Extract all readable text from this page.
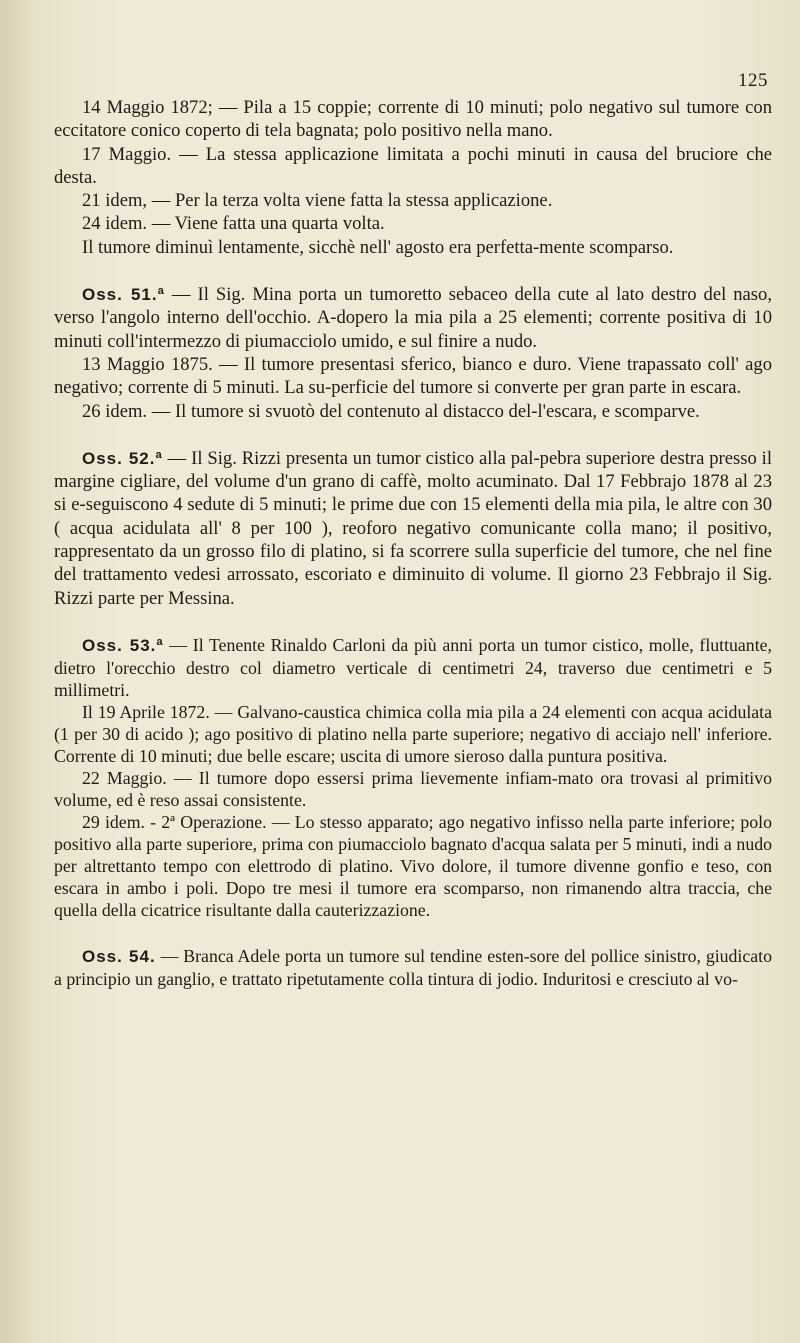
125

14 Maggio 1872; — Pila a 15 coppie; corrente di 10 minuti; polo negativo sul tumore con eccitatore conico coperto di tela bagnata; polo positivo nella mano.

17 Maggio. — La stessa applicazione limitata a pochi minuti in causa del bruciore che desta.

21 idem, — Per la terza volta viene fatta la stessa applicazione.

24 idem. — Viene fatta una quarta volta.

Il tumore diminuì lentamente, sicchè nell' agosto era perfetta-mente scomparso.

Oss. 51.ª — Il Sig. Mina porta un tumoretto sebaceo della cute al lato destro del naso, verso l'angolo interno dell'occhio. A-dopero la mia pila a 25 elementi; corrente positiva di 10 minuti coll'intermezzo di piumacciolo umido, e sul finire a nudo.

13 Maggio 1875. — Il tumore presentasi sferico, bianco e duro. Viene trapassato coll' ago negativo; corrente di 5 minuti. La su-perficie del tumore si converte per gran parte in escara.

26 idem. — Il tumore si svuotò del contenuto al distacco del-l'escara, e scomparve.

Oss. 52.ª — Il Sig. Rizzi presenta un tumor cistico alla pal-pebra superiore destra presso il margine cigliare, del volume d'un grano di caffè, molto acuminato. Dal 17 Febbrajo 1878 al 23 si e-seguiscono 4 sedute di 5 minuti; le prime due con 15 elementi della mia pila, le altre con 30 ( acqua acidulata all' 8 per 100 ), reoforo negativo comunicante colla mano; il positivo, rappresentato da un grosso filo di platino, si fa scorrere sulla superficie del tumore, che nel fine del trattamento vedesi arrossato, escoriato e diminuito di volume. Il giorno 23 Febbrajo il Sig. Rizzi parte per Messina.

Oss. 53.ª — Il Tenente Rinaldo Carloni da più anni porta un tumor cistico, molle, fluttuante, dietro l'orecchio destro col diametro verticale di centimetri 24, traverso due centimetri e 5 millimetri.

Il 19 Aprile 1872. — Galvano-caustica chimica colla mia pila a 24 elementi con acqua acidulata (1 per 30 di acido ); ago positivo di platino nella parte superiore; negativo di acciajo nell' inferiore. Corrente di 10 minuti; due belle escare; uscita di umore sieroso dalla puntura positiva.

22 Maggio. — Il tumore dopo essersi prima lievemente infiam-mato ora trovasi al primitivo volume, ed è reso assai consistente.

29 idem. - 2ª Operazione. — Lo stesso apparato; ago negativo infisso nella parte inferiore; polo positivo alla parte superiore, prima con piumacciolo bagnato d'acqua salata per 5 minuti, indi a nudo per altrettanto tempo con elettrodo di platino. Vivo dolore, il tumore divenne gonfio e teso, con escara in ambo i poli. Dopo tre mesi il tumore era scomparso, non rimanendo altra traccia, che quella della cicatrice risultante dalla cauterizzazione.

Oss. 54. — Branca Adele porta un tumore sul tendine esten-sore del pollice sinistro, giudicato a principio un ganglio, e trattato ripetutamente colla tintura di jodio. Induritosi e cresciuto al vo-
